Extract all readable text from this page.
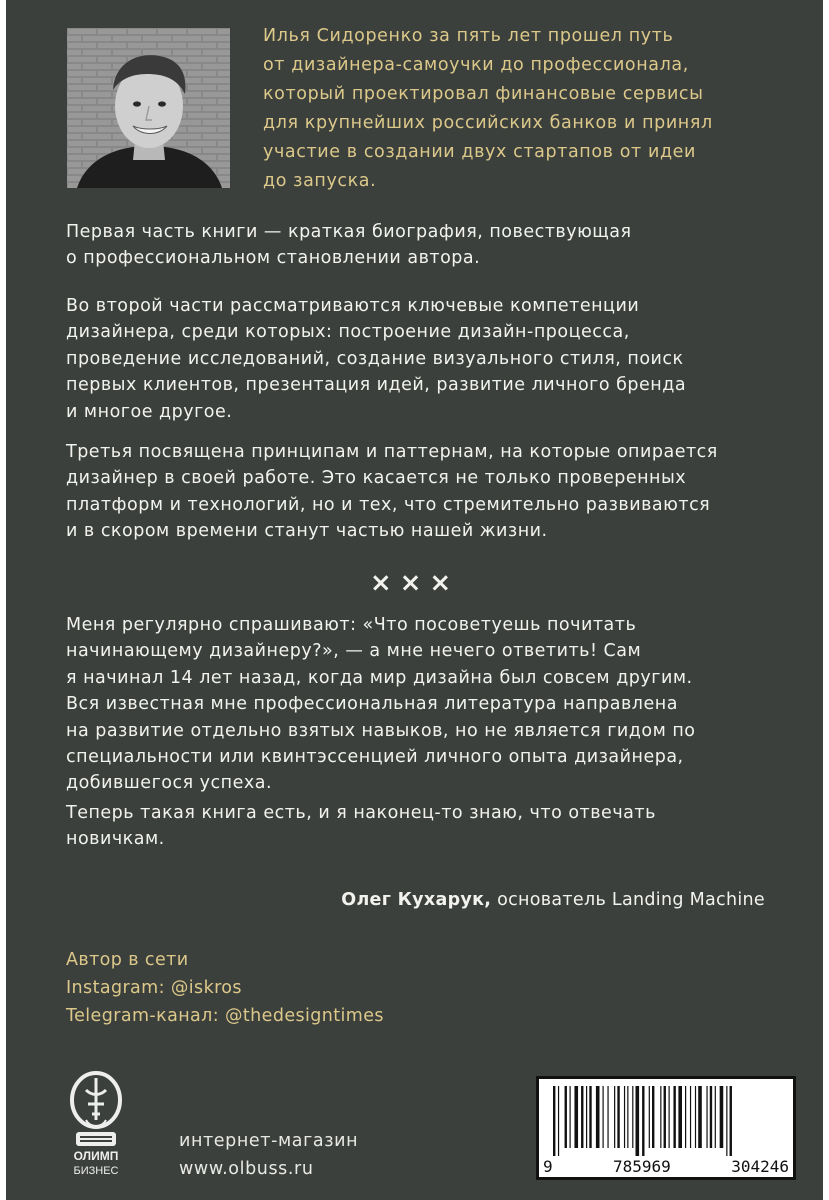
Илья Сидоренко за пять лет прошел путь
от дизайнера-самоучки до профессионала,
который проектировал финансовые сервисы
для крупнейших российских банков и принял
участие в создании двух стартапов от идеи
до запуска.
Первая часть книги — краткая биография, повествующая
о профессиональном становлении автора.
Во второй части рассматриваются ключевые компетенции
дизайнера, среди которых: построение дизайн-процесса,
проведение исследований, создание визуального стиля, поиск
первых клиентов, презентация идей, развитие личного бренда
и многое другое.
Третья посвящена принципам и паттернам, на которые опирается
дизайнер в своей работе. Это касается не только проверенных
платформ и технологий, но и тех, что стремительно развиваются
и в скором времени станут частью нашей жизни.
×××
Меня регулярно спрашивают: «Что посоветуешь почитать
начинающему дизайнеру?», — а мне нечего ответить! Сам
я начинал 14 лет назад, когда мир дизайна был совсем другим.
Вся известная мне профессиональная литература направлена
на развитие отдельно взятых навыков, но не является гидом по
специальности или квинтэссенцией личного опыта дизайнера,
добившегося успеха.
Теперь такая книга есть, и я наконец-то знаю, что отвечать
новичкам.
Олег Кухарук, основатель Landing Machine
Автор в сети
Instagram: @iskros
Telegram-канал: @thedesigntimes
ОЛИМП
БИЗНЕС
интернет-магазин
www.olbuss.ru	9	785969	304246
